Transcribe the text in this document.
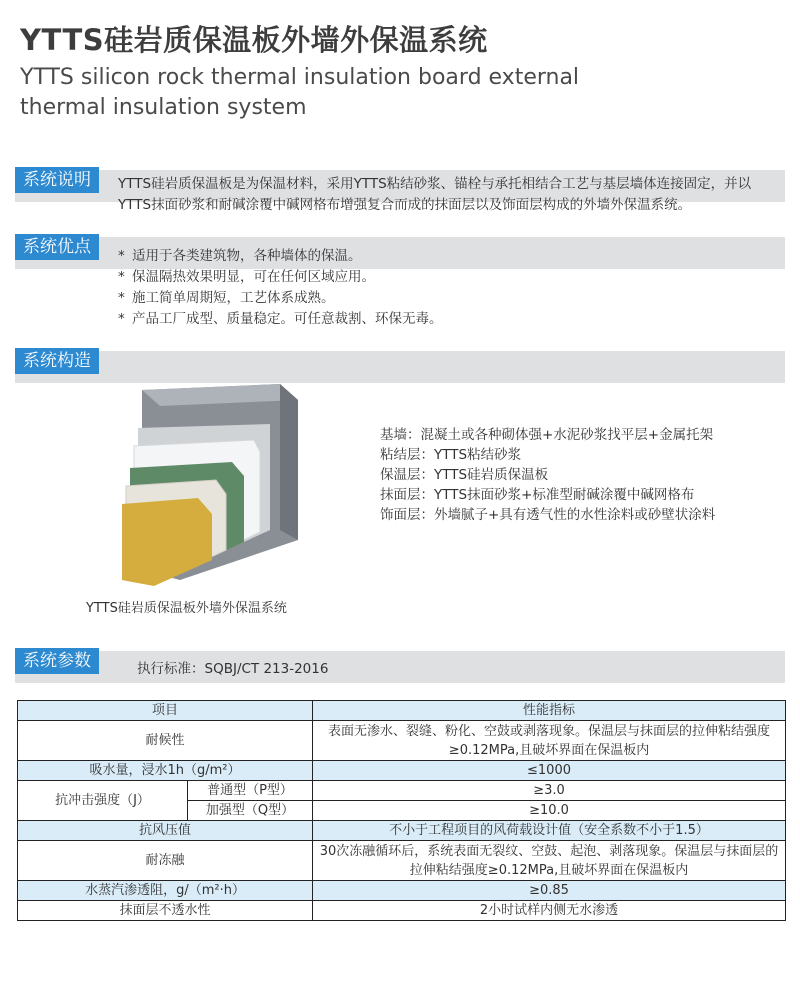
YTTS硅岩质保温板外墙外保温系统
YTTS silicon rock thermal insulation board external thermal insulation system
系统说明	YTTS硅岩质保温板是为保温材料，采用YTTS粘结砂浆、锚栓与承托相结合工艺与基层墙体连接固定，并以YTTS抹面砂浆和耐碱涂覆中碱网格布增强复合而成的抹面层以及饰面层构成的外墙外保温系统。
系统优点	* 适用于各类建筑物，各种墙体的保温。
* 保温隔热效果明显，可在任何区域应用。
* 施工简单周期短，工艺体系成熟。
* 产品工厂成型、质量稳定。可任意裁割、环保无毒。
系统构造
YTTS硅岩质保温板外墙外保温系统
基墙：混凝土或各种砌体强+水泥砂浆找平层+金属托架
粘结层：YTTS粘结砂浆
保温层：YTTS硅岩质保温板
抹面层：YTTS抹面砂浆+标准型耐碱涂覆中碱网格布
饰面层：外墙腻子+具有透气性的水性涂料或砂壁状涂料
系统参数	执行标准：SQBJ/CT 213-2016
项目		性能指标
耐候性		表面无渗水、裂缝、粉化、空鼓或剥落现象。保温层与抹面层的拉伸粘结强度≥0.12MPa,且破坏界面在保温板内
吸水量，浸水1h（g/m²）		≤1000
抗冲击强度（J）	普通型（P型）	≥3.0
	加强型（Q型）	≥10.0
抗风压值		不小于工程项目的风荷载设计值（安全系数不小于1.5）
耐冻融		30次冻融循环后，系统表面无裂纹、空鼓、起泡、剥落现象。保温层与抹面层的拉伸粘结强度≥0.12MPa,且破坏界面在保温板内
水蒸汽渗透阻，g/（m²·h）		≥0.85
抹面层不透水性		2小时试样内侧无水渗透
